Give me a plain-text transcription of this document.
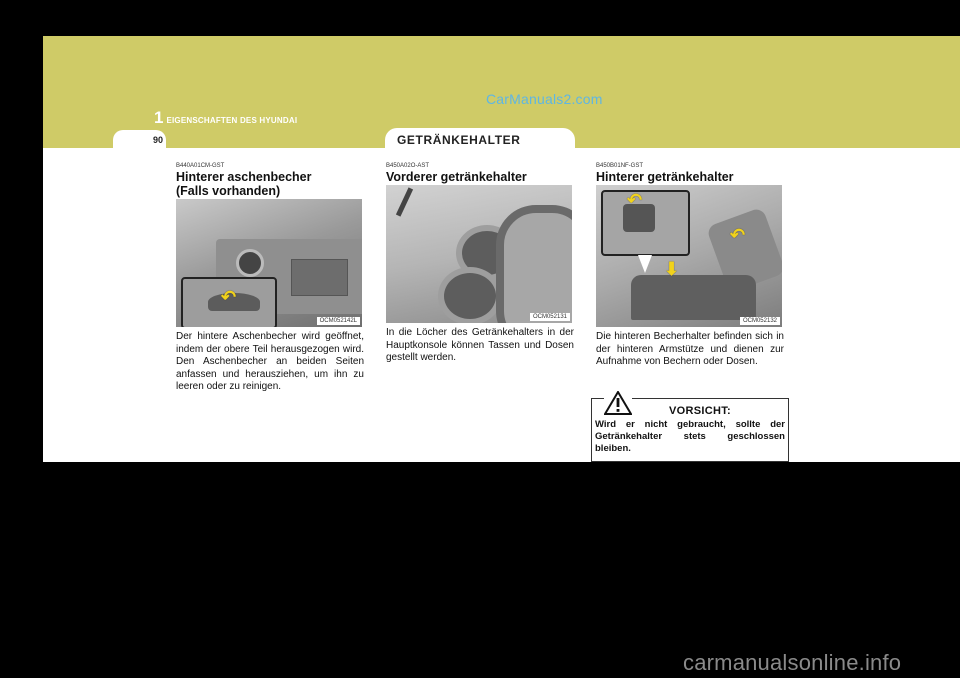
CarManuals2.com
1 EIGENSCHAFTEN DES HYUNDAI
90	GETRÄNKEHALTER
B440A01CM-GST
Hinterer aschenbecher
(Falls vorhanden)
↶
OCM052142L
Der hintere Aschenbecher wird geöffnet, indem der obere Teil herausgezogen wird. Den Aschenbecher an beiden Seiten anfassen und herausziehen, um ihn zu leeren oder zu reinigen.
B450A02O-AST
Vorderer getränkehalter
OCM052131
In die Löcher des Getränkehalters in der Hauptkonsole können Tassen und Dosen gestellt werden.
B450B01NF-GST
Hinterer getränkehalter
↶
⬇
↶
OCM052132
Die hinteren Becherhalter befinden sich in der hinteren Armstütze und dienen zur Aufnahme von Bechern oder Dosen.
VORSICHT:
Wird er nicht gebraucht, sollte der Getränkehalter stets geschlossen bleiben.
carmanualsonline.info
